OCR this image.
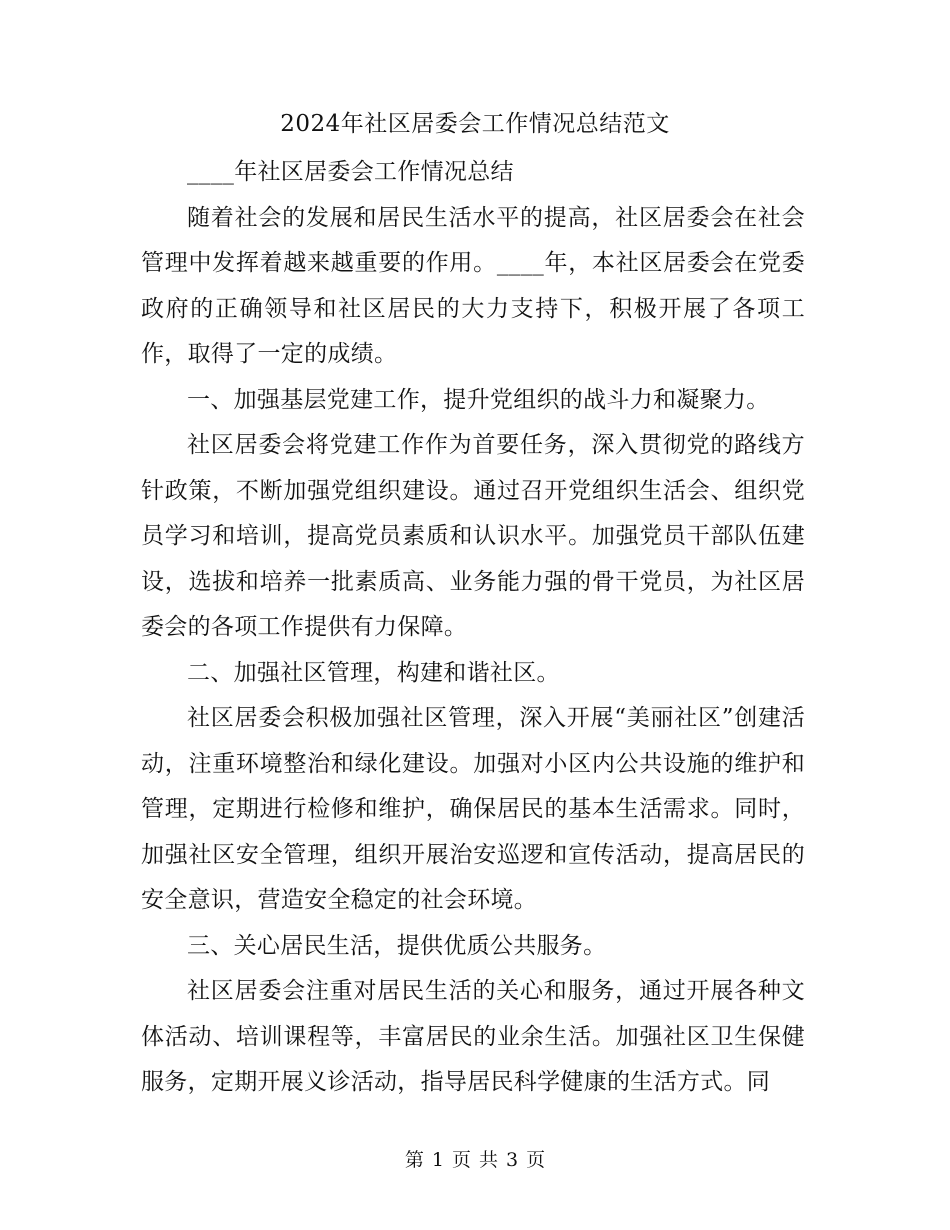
2024年社区居委会工作情况总结范文

____年社区居委会工作情况总结

随着社会的发展和居民生活水平的提高，社区居委会在社会管理中发挥着越来越重要的作用。____年，本社区居委会在党委政府的正确领导和社区居民的大力支持下，积极开展了各项工作，取得了一定的成绩。

一、加强基层党建工作，提升党组织的战斗力和凝聚力。

社区居委会将党建工作作为首要任务，深入贯彻党的路线方针政策，不断加强党组织建设。通过召开党组织生活会、组织党员学习和培训，提高党员素质和认识水平。加强党员干部队伍建设，选拔和培养一批素质高、业务能力强的骨干党员，为社区居委会的各项工作提供有力保障。

二、加强社区管理，构建和谐社区。

社区居委会积极加强社区管理，深入开展“美丽社区”创建活动，注重环境整治和绿化建设。加强对小区内公共设施的维护和管理，定期进行检修和维护，确保居民的基本生活需求。同时，加强社区安全管理，组织开展治安巡逻和宣传活动，提高居民的安全意识，营造安全稳定的社会环境。

三、关心居民生活，提供优质公共服务。

社区居委会注重对居民生活的关心和服务，通过开展各种文体活动、培训课程等，丰富居民的业余生活。加强社区卫生保健服务，定期开展义诊活动，指导居民科学健康的生活方式。同

第 1 页 共 3 页
